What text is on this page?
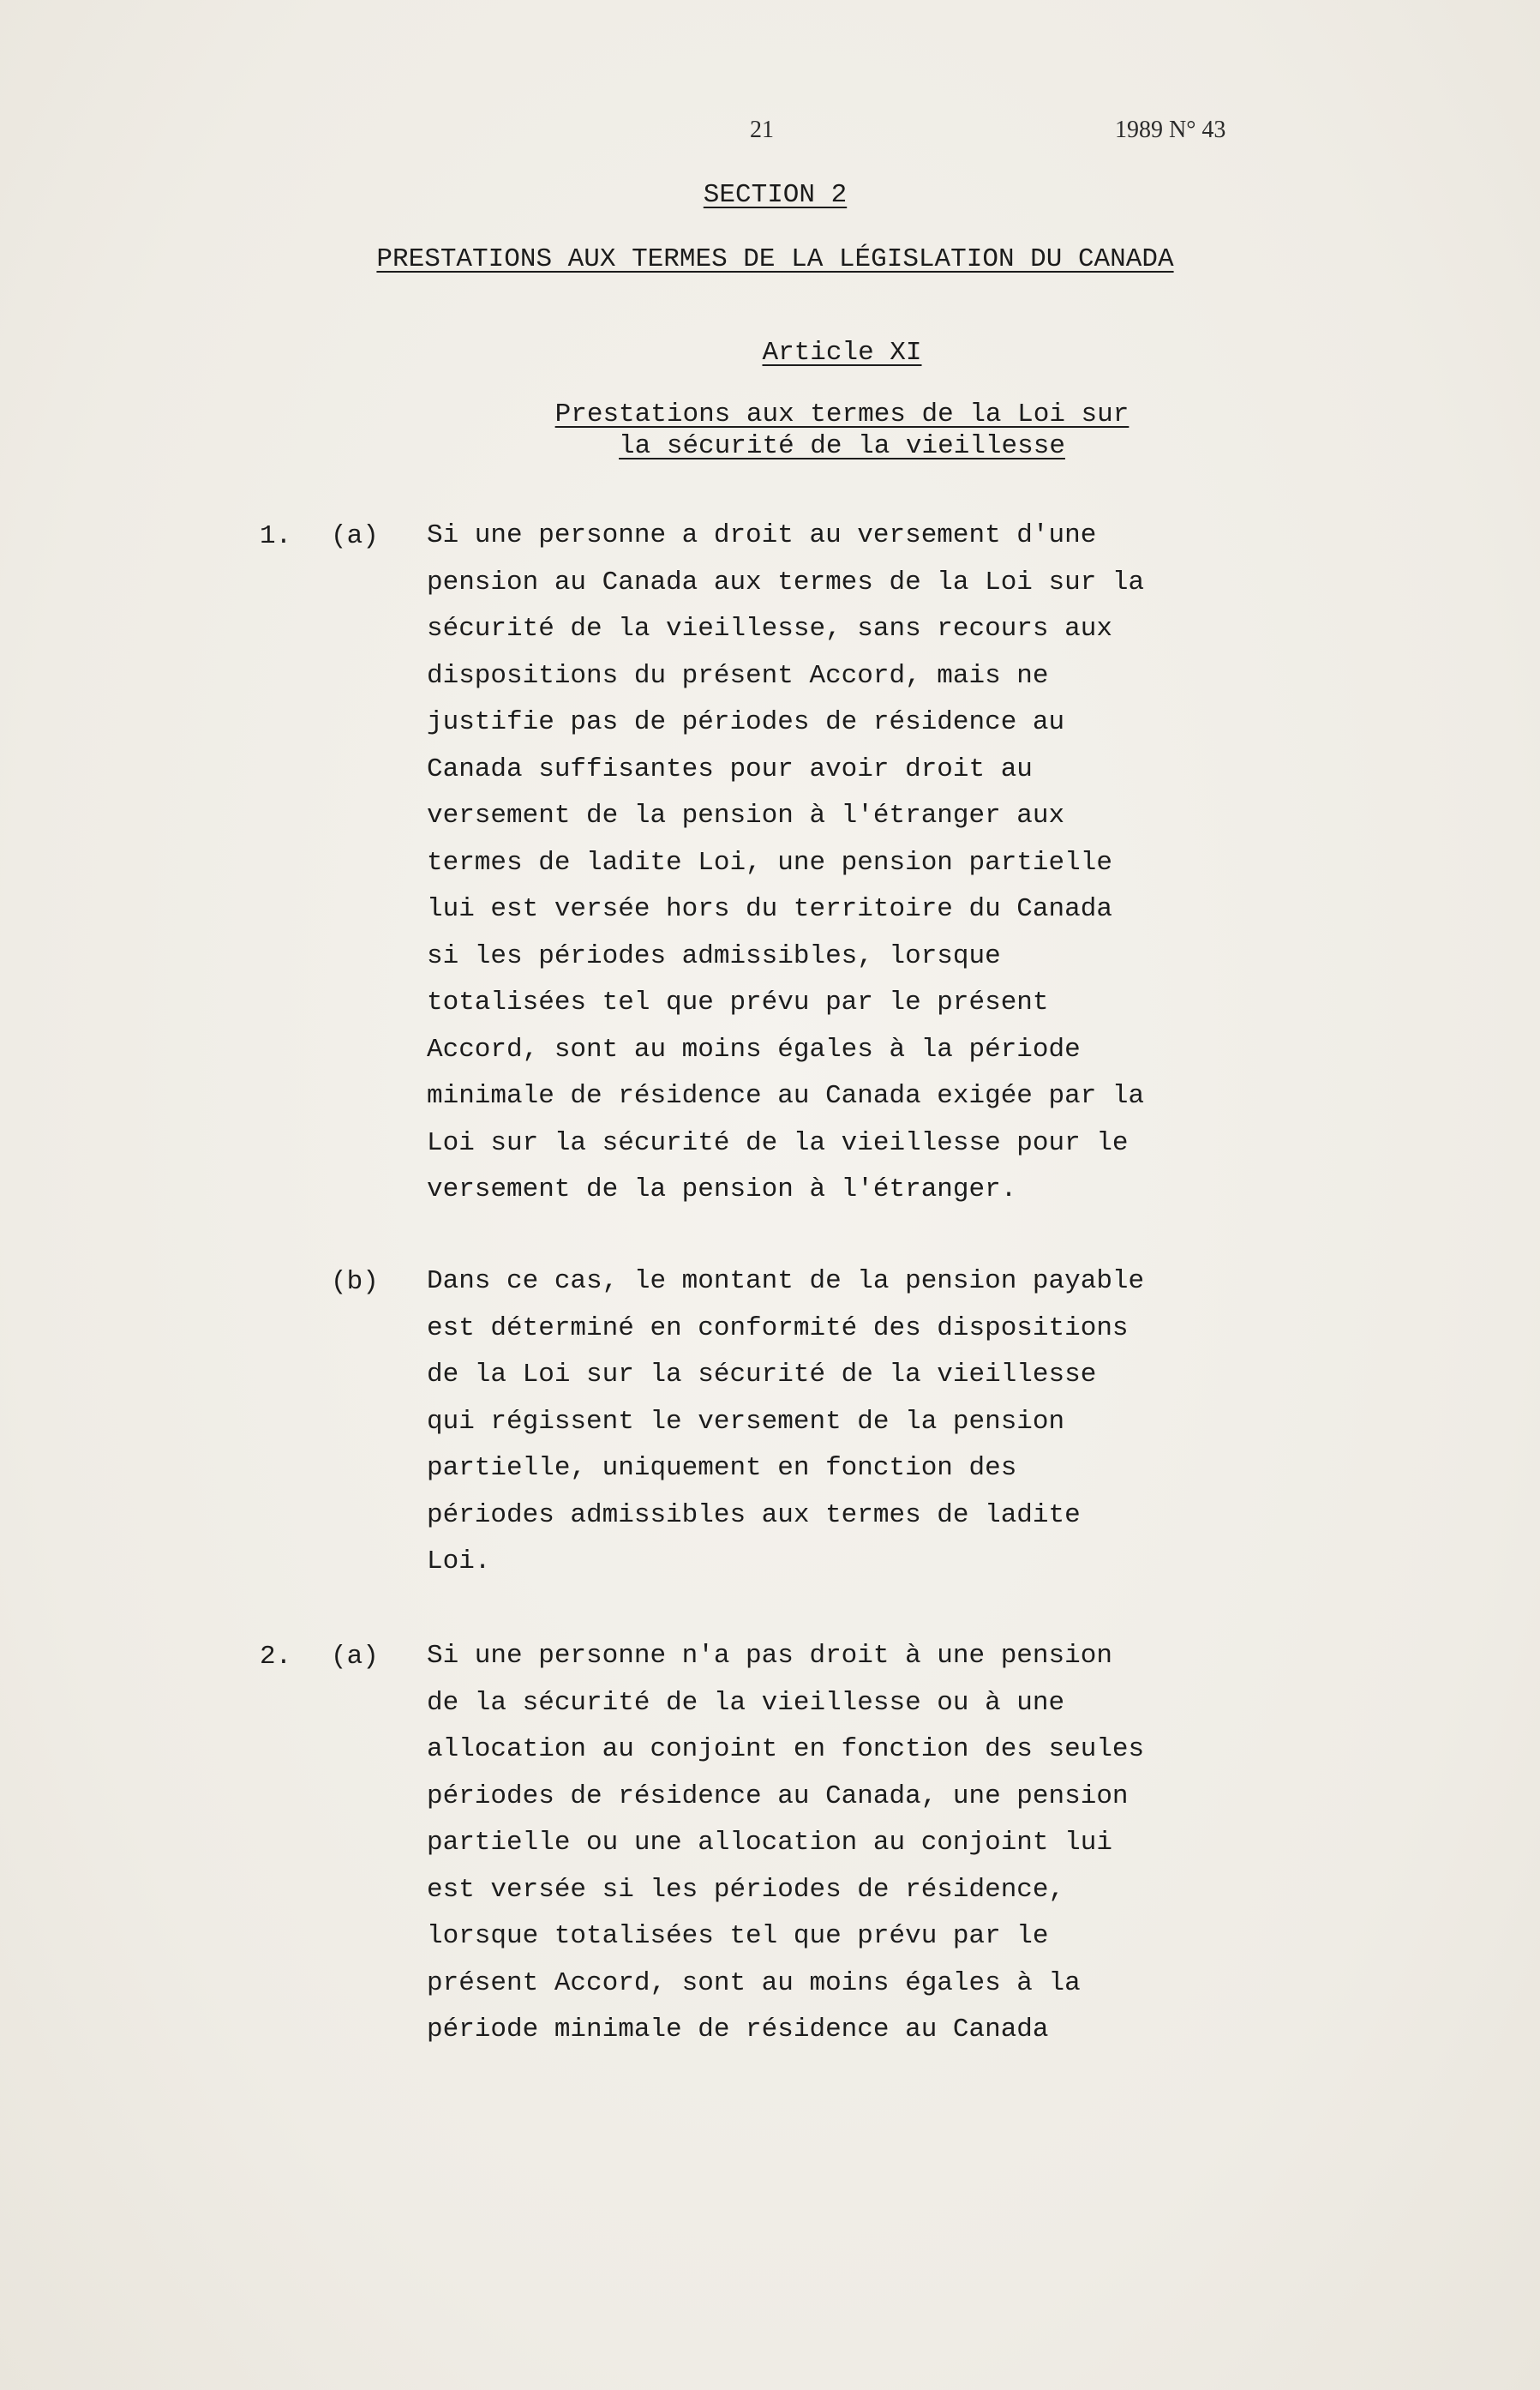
21	1989 N° 43
SECTION 2
PRESTATIONS AUX TERMES DE LA LÉGISLATION DU CANADA
Article XI
Prestations aux termes de la Loi sur
la sécurité de la vieillesse
1. (a) Si une personne a droit au versement d'une
pension au Canada aux termes de la Loi sur la
sécurité de la vieillesse, sans recours aux
dispositions du présent Accord, mais ne
justifie pas de périodes de résidence au
Canada suffisantes pour avoir droit au
versement de la pension à l'étranger aux
termes de ladite Loi, une pension partielle
lui est versée hors du territoire du Canada
si les périodes admissibles, lorsque
totalisées tel que prévu par le présent
Accord, sont au moins égales à la période
minimale de résidence au Canada exigée par la
Loi sur la sécurité de la vieillesse pour le
versement de la pension à l'étranger.
(b) Dans ce cas, le montant de la pension payable
est déterminé en conformité des dispositions
de la Loi sur la sécurité de la vieillesse
qui régissent le versement de la pension
partielle, uniquement en fonction des
périodes admissibles aux termes de ladite
Loi.
2. (a) Si une personne n'a pas droit à une pension
de la sécurité de la vieillesse ou à une
allocation au conjoint en fonction des seules
périodes de résidence au Canada, une pension
partielle ou une allocation au conjoint lui
est versée si les périodes de résidence,
lorsque totalisées tel que prévu par le
présent Accord, sont au moins égales à la
période minimale de résidence au Canada
